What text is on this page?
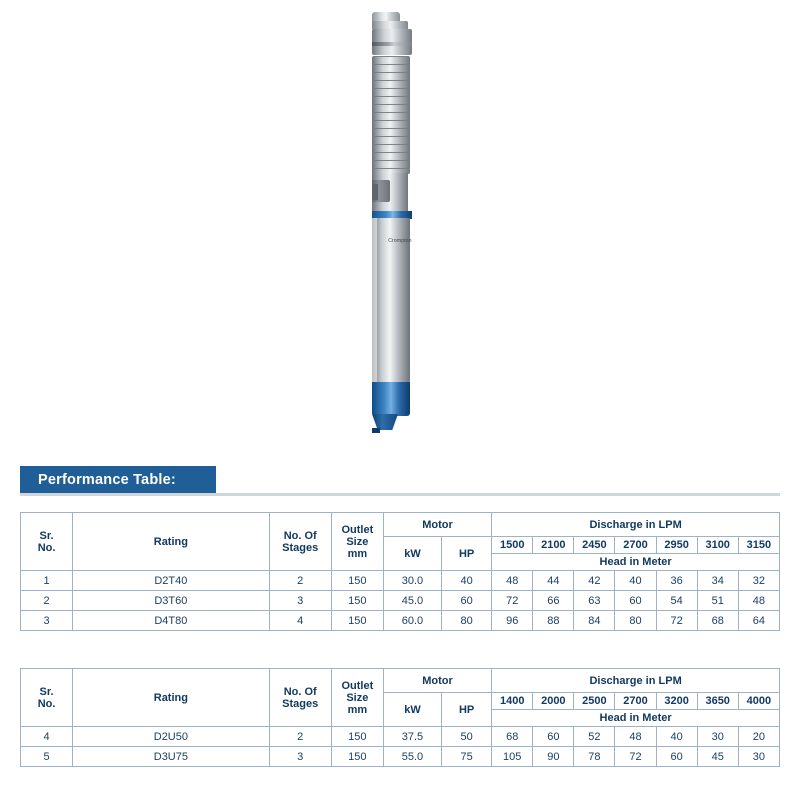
Crompton
Performance Table:
Sr.
No.	Rating	No. Of
Stages

Outlet
Size
mm
	Motor	Discharge in LPM
				kW	HP	1500	2100	2450	2700	2950	3100	3150
						Head in Meter						
1	D2T40	2	150	30.0	40	48	44	42	40	36	34	32
2	D3T60	3	150	45.0	60	72	66	63	60	54	51	48
3	D4T80	4	150	60.0	80	96	88	84	80	72	68	64
Sr.
No.	Rating	No. Of
Stages

Outlet
Size
mm
	Motor	Discharge in LPM
				kW	HP	1400	2000	2500	2700	3200	3650	4000
						Head in Meter						
4	D2U50	2	150	37.5	50	68	60	52	48	40	30	20
5	D3U75	3	150	55.0	75	105	90	78	72	60	45	30
